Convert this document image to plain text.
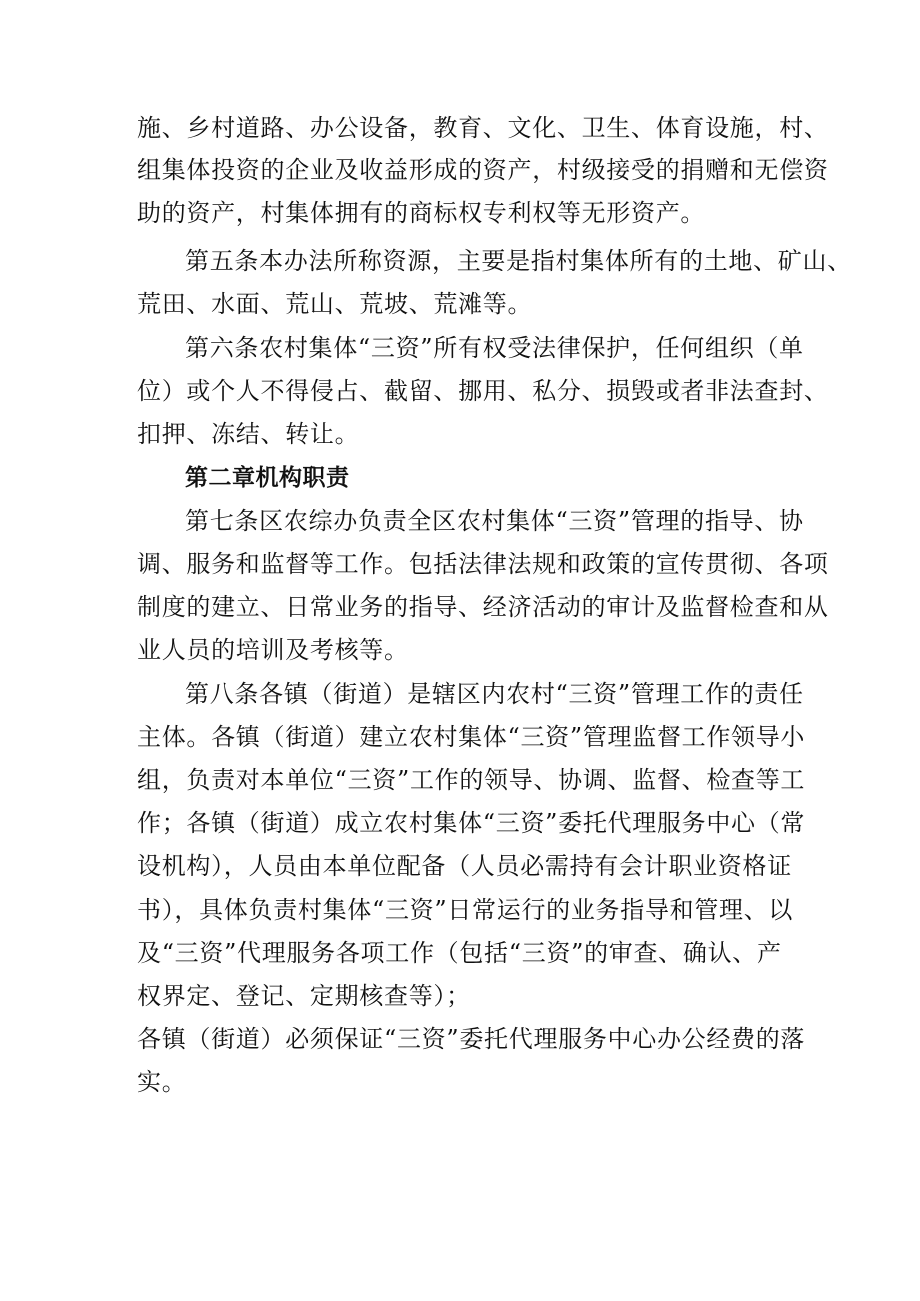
施、乡村道路、办公设备，教育、文化、卫生、体育设施，村、
组集体投资的企业及收益形成的资产，村级接受的捐赠和无偿资
助的资产，村集体拥有的商标权专利权等无形资产。
第五条本办法所称资源，主要是指村集体所有的土地、矿山、
荒田、水面、荒山、荒坡、荒滩等。
第六条农村集体“三资”所有权受法律保护，任何组织（单
位）或个人不得侵占、截留、挪用、私分、损毁或者非法查封、
扣押、冻结、转让。
第二章机构职责
第七条区农综办负责全区农村集体“三资”管理的指导、协
调、服务和监督等工作。包括法律法规和政策的宣传贯彻、各项
制度的建立、日常业务的指导、经济活动的审计及监督检查和从
业人员的培训及考核等。
第八条各镇（街道）是辖区内农村“三资”管理工作的责任
主体。各镇（街道）建立农村集体“三资”管理监督工作领导小
组，负责对本单位“三资”工作的领导、协调、监督、检查等工
作；各镇（街道）成立农村集体“三资”委托代理服务中心（常
设机构），人员由本单位配备（人员必需持有会计职业资格证
书），具体负责村集体“三资”日常运行的业务指导和管理、以
及“三资”代理服务各项工作（包括“三资”的审查、确认、产
权界定、登记、定期核查等）；
各镇（街道）必须保证“三资”委托代理服务中心办公经费的落
实。
